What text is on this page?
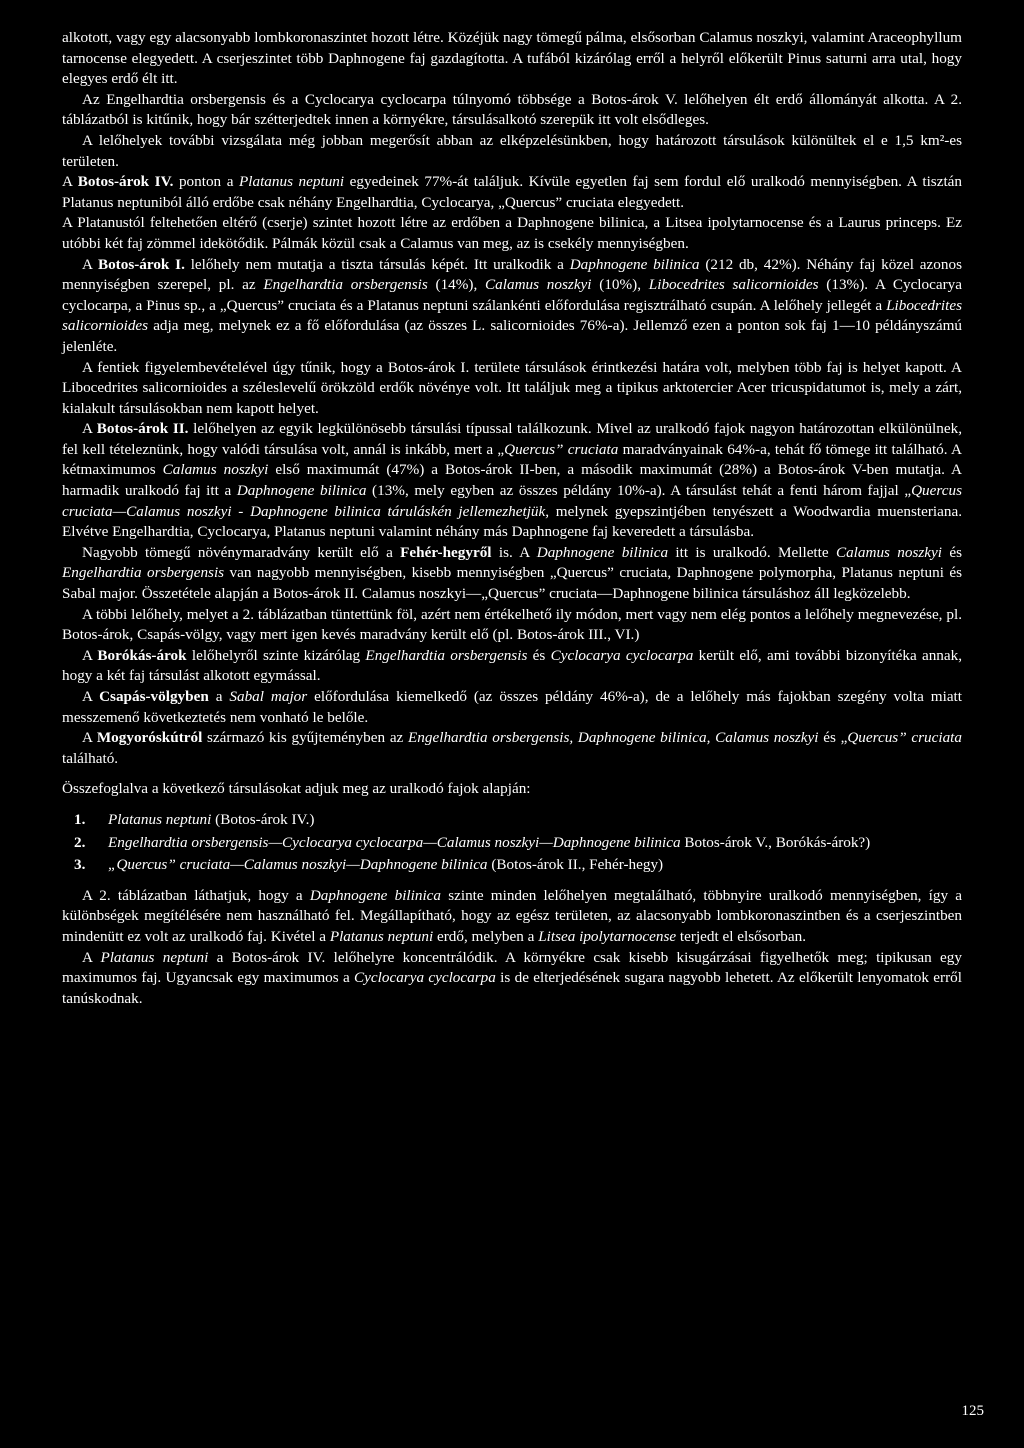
alkotott, vagy egy alacsonyabb lombkoronaszintet hozott létre. Közéjük nagy tömegű pálma, elsősorban Calamus noszkyi, valamint Araceophyllum tarnocense elegyedett. A cserjeszintet több Daphnogene faj gazdagította. A tufából kizárólag erről a helyről előkerült Pinus saturni arra utal, hogy elegyes erdő élt itt.

Az Engelhardtia orsbergensis és a Cyclocarya cyclocarpa túlnyomó többsége a Botos-árok V. lelőhelyen élt erdő állományát alkotta. A 2. táblázatból is kitűnik, hogy bár szétterjedtek innen a környékre, társulásalkotó szerepük itt volt elsődleges.

A lelőhelyek további vizsgálata még jobban megerősít abban az elképzelésünkben, hogy határozott társulások különültek el e 1,5 km²-es területen.

A Botos-árok IV. ponton a Platanus neptuni egyedeinek 77%-át találjuk. Kívüle egyetlen faj sem fordul elő uralkodó mennyiségben. A tisztán Platanus neptuniból álló erdőbe csak néhány Engelhardtia, Cyclocarya, „Quercus” cruciata elegyedett.

A Platanustól feltehetően eltérő (cserje) szintet hozott létre az erdőben a Daphnogene bilinica, a Litsea ipolytarnocense és a Laurus princeps. Ez utóbbi két faj zömmel idekötődik. Pálmák közül csak a Calamus van meg, az is csekély mennyiségben.

A Botos-árok I. lelőhely nem mutatja a tiszta társulás képét. Itt uralkodik a Daphnogene bilinica (212 db, 42%). Néhány faj közel azonos mennyiségben szerepel, pl. az Engelhardtia orsbergensis (14%), Calamus noszkyi (10%), Libocedrites salicornioides (13%). A Cyclocarya cyclocarpa, a Pinus sp., a „Quercus” cruciata és a Platanus neptuni szálankénti előfordulása regisztrálható csupán. A lelőhely jellegét a Libocedrites salicornioides adja meg, melynek ez a fő előfordulása (az összes L. salicornioides 76%-a). Jellemző ezen a ponton sok faj 1—10 példányszámú jelenléte.

A fentiek figyelembevételével úgy tűnik, hogy a Botos-árok I. területe társulások érintkezési határa volt, melyben több faj is helyet kapott. A Libocedrites salicornioides a széleslevelű örökzöld erdők növénye volt. Itt találjuk meg a tipikus arktotercier Acer tricuspidatumot is, mely a zárt, kialakult társulásokban nem kapott helyet.

A Botos-árok II. lelőhelyen az egyik legkülönösebb társulási típussal találkozunk. Mivel az uralkodó fajok nagyon határozottan elkülönülnek, fel kell tételeznünk, hogy valódi társulása volt, annál is inkább, mert a „Quercus” cruciata maradványainak 64%-a, tehát fő tömege itt található. A kétmaximumos Calamus noszkyi első maximumát (47%) a Botos-árok II-ben, a második maximumát (28%) a Botos-árok V-ben mutatja. A harmadik uralkodó faj itt a Daphnogene bilinica (13%, mely egyben az összes példány 10%-a). A társulást tehát a fenti három fajjal „Quercus cruciata—Calamus noszkyi - Daphnogene bilinica táruláskén jellemezhetjük, melynek gyepszintjében tenyészett a Woodwardia muensteriana. Elvétve Engelhardtia, Cyclocarya, Platanus neptuni valamint néhány más Daphnogene faj keveredett a társulásba.

Nagyobb tömegű növénymaradvány került elő a Fehér-hegyről is. A Daphnogene bilinica itt is uralkodó. Mellette Calamus noszkyi és Engelhardtia orsbergensis van nagyobb mennyiségben, kisebb mennyiségben „Quercus” cruciata, Daphnogene polymorpha, Platanus neptuni és Sabal major. Összetétele alapján a Botos-árok II. Calamus noszkyi—„Quercus” cruciata—Daphnogene bilinica társuláshoz áll legközelebb.

A többi lelőhely, melyet a 2. táblázatban tüntettünk föl, azért nem értékelhető ily módon, mert vagy nem elég pontos a lelőhely megnevezése, pl. Botos-árok, Csapás-völgy, vagy mert igen kevés maradvány került elő (pl. Botos-árok III., VI.)

A Borókás-árok lelőhelyről szinte kizárólag Engelhardtia orsbergensis és Cyclocarya cyclocarpa került elő, ami további bizonyítéka annak, hogy a két faj társulást alkotott egymással.

A Csapás-völgyben a Sabal major előfordulása kiemelkedő (az összes példány 46%-a), de a lelőhely más fajokban szegény volta miatt messzemenő következtetés nem vonható le belőle.

A Mogyoróskútról származó kis gyűjteményben az Engelhardtia orsbergensis, Daphnogene bilinica, Calamus noszkyi és „Quercus” cruciata található.

Összefoglalva a következő társulásokat adjuk meg az uralkodó fajok alapján:

1. Platanus neptuni (Botos-árok IV.)
2. Engelhardtia orsbergensis—Cyclocarya cyclocarpa—Calamus noszkyi—Daphnogene bilinica Botos-árok V., Borókás-árok?)
3. „Quercus” cruciata—Calamus noszkyi—Daphnogene bilinica (Botos-árok II., Fehér-hegy)

A 2. táblázatban láthatjuk, hogy a Daphnogene bilinica szinte minden lelőhelyen megtalálható, többnyire uralkodó mennyiségben, így a különbségek megítélésére nem használható fel. Megállapítható, hogy az egész területen, az alacsonyabb lombkoronaszintben és a cserjeszintben mindenütt ez volt az uralkodó faj. Kivétel a Platanus neptuni erdő, melyben a Litsea ipolytarnocense terjedt el elsősorban.

A Platanus neptuni a Botos-árok IV. lelőhelyre koncentrálódik. A környékre csak kisebb kisugárzásai figyelhetők meg; tipikusan egy maximumos faj. Ugyancsak egy maximumos a Cyclocarya cyclocarpa is de elterjedésének sugara nagyobb lehetett. Az előkerült lenyomatok erről tanúskodnak.

125
